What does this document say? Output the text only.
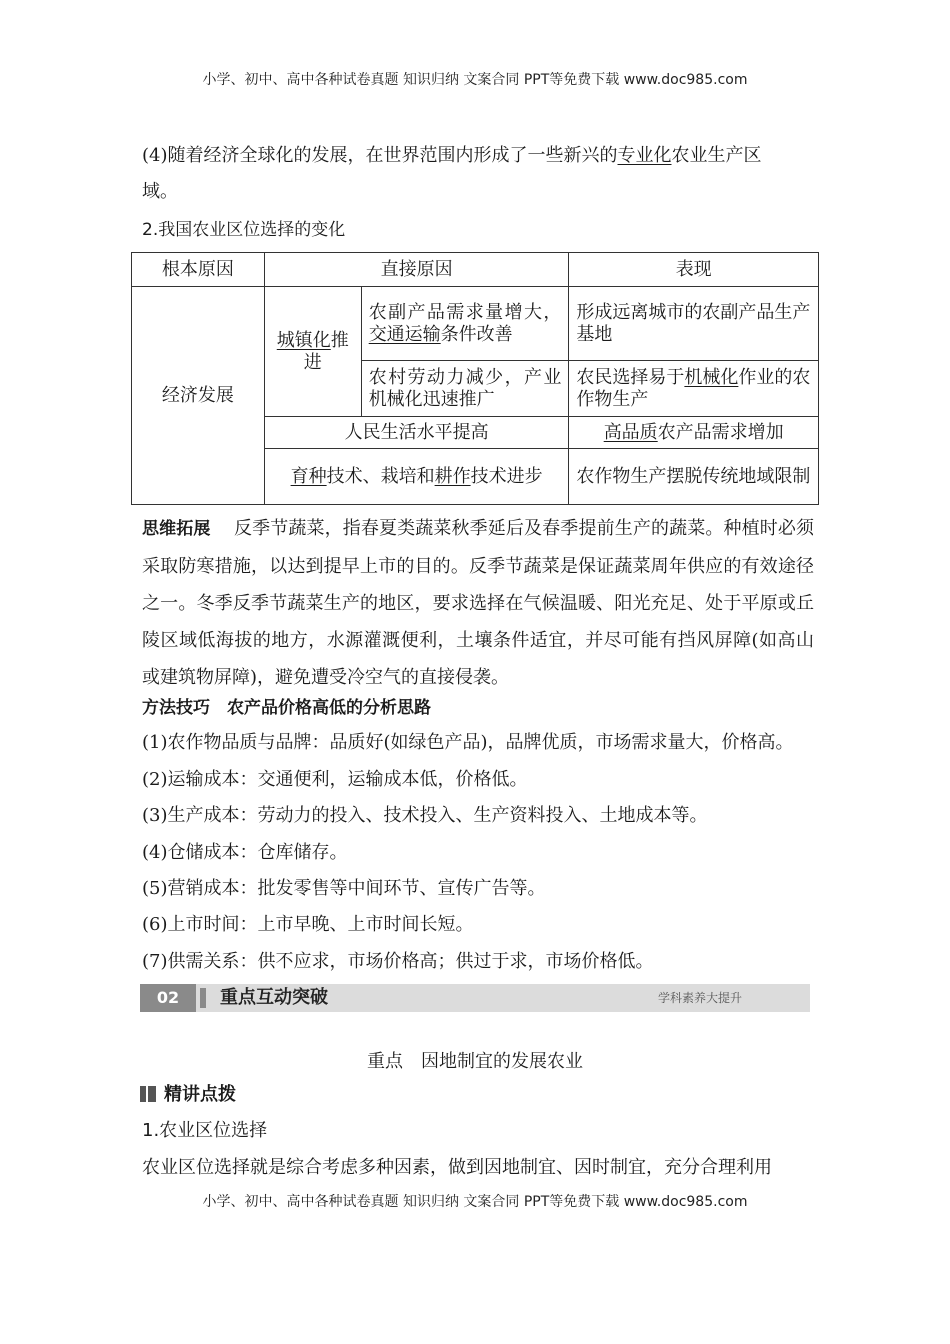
小学、初中、高中各种试卷真题 知识归纳 文案合同 PPT等免费下载 www.doc985.com
(4)随着经济全球化的发展，在世界范围内形成了一些新兴的专业化农业生产区
域。
2.我国农业区位选择的变化
根本原因	直接原因		表现
经济发展	城镇化推进	农副产品需求量增大，交通运输条件改善	形成远离城市的农副产品生产基地
		农村劳动力减少，产业机械化迅速推广	农民选择易于机械化作业的农作物生产
	人民生活水平提高		高品质农产品需求增加
	育种技术、栽培和耕作技术进步		农作物生产摆脱传统地域限制
思维拓展 反季节蔬菜，指春夏类蔬菜秋季延后及春季提前生产的蔬菜。种植时必须采取防寒措施，以达到提早上市的目的。反季节蔬菜是保证蔬菜周年供应的有效途径之一。冬季反季节蔬菜生产的地区，要求选择在气候温暖、阳光充足、处于平原或丘陵区域低海拔的地方，水源灌溉便利，土壤条件适宜，并尽可能有挡风屏障(如高山或建筑物屏障)，避免遭受冷空气的直接侵袭。
方法技巧　农产品价格高低的分析思路
(1)农作物品质与品牌：品质好(如绿色产品)，品牌优质，市场需求量大，价格高。
(2)运输成本：交通便利，运输成本低，价格低。
(3)生产成本：劳动力的投入、技术投入、生产资料投入、土地成本等。
(4)仓储成本：仓库储存。
(5)营销成本：批发零售等中间环节、宣传广告等。
(6)上市时间：上市早晚、上市时间长短。
(7)供需关系：供不应求，市场价格高；供过于求，市场价格低。
02	重点互动突破	学科素养大提升
重点　因地制宜的发展农业
精讲点拨
1.农业区位选择
农业区位选择就是综合考虑多种因素，做到因地制宜、因时制宜，充分合理利用
小学、初中、高中各种试卷真题 知识归纳 文案合同 PPT等免费下载 www.doc985.com
